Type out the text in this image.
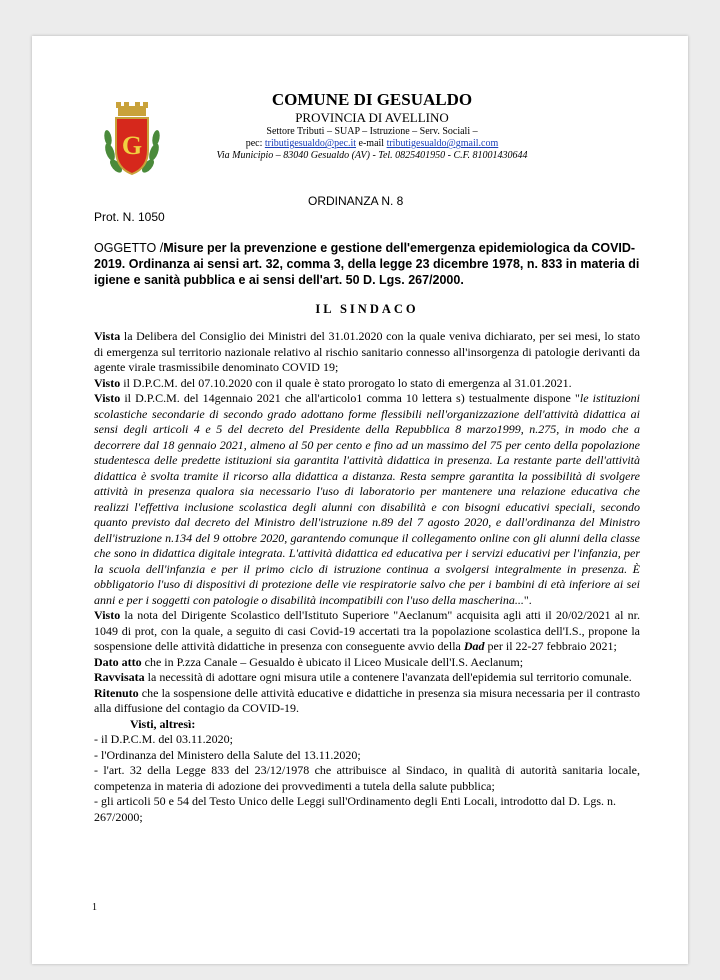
G
COMUNE DI GESUALDO
PROVINCIA DI AVELLINO
Settore Tributi – SUAP – Istruzione – Serv. Sociali –
pec: tributigesualdo@pec.it e-mail tributigesualdo@gmail.com
Via Municipio – 83040 Gesualdo (AV) - Tel. 0825401950 - C.F. 81001430644
ORDINANZA N. 8
Prot. N. 1050
OGGETTO /Misure per la prevenzione e gestione dell'emergenza epidemiologica da COVID-2019. Ordinanza ai sensi art. 32, comma 3, della legge 23 dicembre 1978, n. 833 in materia di igiene e sanità pubblica e ai sensi dell'art. 50 D. Lgs. 267/2000.
IL SINDACO

Vista la Delibera del Consiglio dei Ministri del 31.01.2020 con la quale veniva dichiarato, per sei mesi, lo stato di emergenza sul territorio nazionale relativo al rischio sanitario connesso all'insorgenza di patologie derivanti da agente virale trasmissibile denominato COVID 19;

Visto il D.P.C.M. del 07.10.2020 con il quale è stato prorogato lo stato di emergenza al 31.01.2021.

Visto il D.P.C.M. del 14gennaio 2021 che all'articolo1 comma 10 lettera s) testualmente dispone "le istituzioni scolastiche secondarie di secondo grado adottano forme flessibili nell'organizzazione dell'attività didattica ai sensi degli articoli 4 e 5 del decreto del Presidente della Repubblica 8 marzo1999, n.275, in modo che a decorrere dal 18 gennaio 2021, almeno al 50 per cento e fino ad un massimo del 75 per cento della popolazione studentesca delle predette istituzioni sia garantita l'attività didattica in presenza. La restante parte dell'attività didattica è svolta tramite il ricorso alla didattica a distanza. Resta sempre garantita la possibilità di svolgere attività in presenza qualora sia necessario l'uso di laboratorio per mantenere una relazione educativa che realizzi l'effettiva inclusione scolastica degli alunni con disabilità e con bisogni educativi speciali, secondo quanto previsto dal decreto del Ministro dell'istruzione n.89 del 7 agosto 2020, e dall'ordinanza del Ministro dell'istruzione n.134 del 9 ottobre 2020, garantendo comunque il collegamento online con gli alunni della classe che sono in didattica digitale integrata. L'attività didattica ed educativa per i servizi educativi per l'infanzia, per la scuola dell'infanzia e per il primo ciclo di istruzione continua a svolgersi integralmente in presenza. È obbligatorio l'uso di dispositivi di protezione delle vie respiratorie salvo che per i bambini di età inferiore ai sei anni e per i soggetti con patologie o disabilità incompatibili con l'uso della mascherina...".

Visto la nota del Dirigente Scolastico dell'Istituto Superiore "Aeclanum" acquisita agli atti il 20/02/2021 al nr. 1049 di prot, con la quale, a seguito di casi Covid-19 accertati tra la popolazione scolastica dell'I.S., propone la sospensione delle attività didattiche in presenza con conseguente avvio della Dad per il 22-27 febbraio 2021;

Dato atto che in P.zza Canale – Gesualdo è ubicato il Liceo Musicale dell'I.S. Aeclanum;

Ravvisata la necessità di adottare ogni misura utile a contenere l'avanzata dell'epidemia sul territorio comunale.

Ritenuto che la sospensione delle attività educative e didattiche in presenza sia misura necessaria per il contrasto alla diffusione del contagio da COVID-19.

Visti, altresì:

- il D.P.C.M. del 03.11.2020;

- l'Ordinanza del Ministero della Salute del 13.11.2020;

- l'art. 32 della Legge 833 del 23/12/1978 che attribuisce al Sindaco, in qualità di autorità sanitaria locale, competenza in materia di adozione dei provvedimenti a tutela della salute pubblica;

- gli articoli 50 e 54 del Testo Unico delle Leggi sull'Ordinamento degli Enti Locali, introdotto dal D. Lgs. n. 267/2000;

1
